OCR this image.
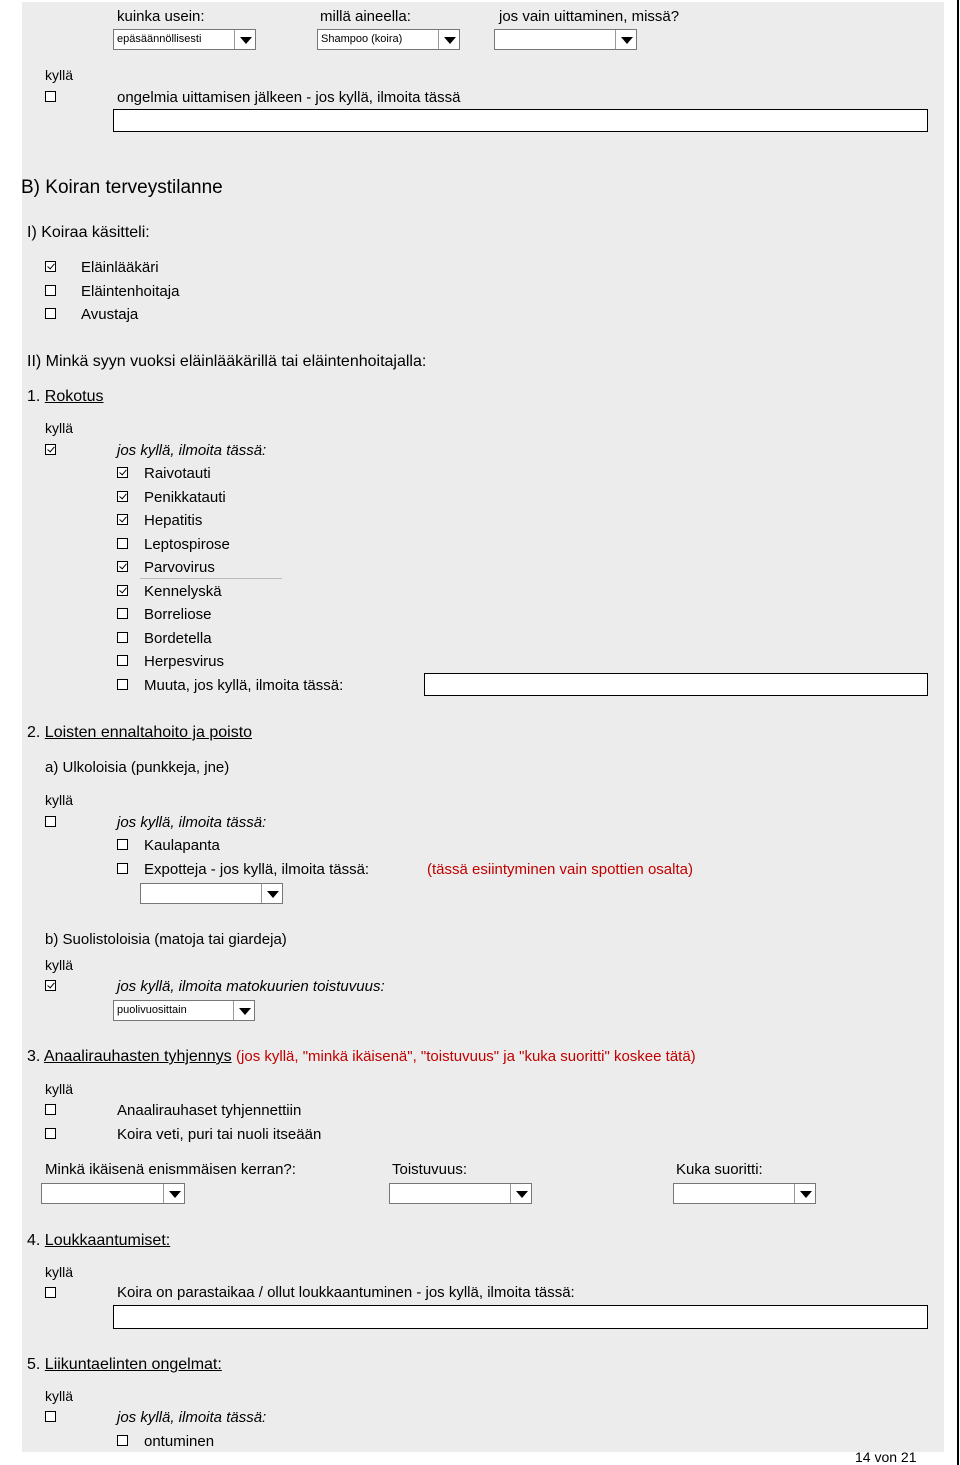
kuinka usein:	millä aineella:	jos vain uittaminen, missä?
epäsäännöllisesti	Shampoo (koira)
kyllä
ongelmia uittamisen jälkeen - jos kyllä, ilmoita tässä
B) Koiran terveystilanne
I) Koiraa käsitteli:
Eläinlääkäri
Eläintenhoitaja
Avustaja
II) Minkä syyn vuoksi eläinlääkärillä tai eläintenhoitajalla:
1. Rokotus
kyllä
jos kyllä, ilmoita tässä:
Raivotauti
Penikkatauti
Hepatitis
Leptospirose
Parvovirus
Kennelyskä
Borreliose
Bordetella
Herpesvirus
Muuta, jos kyllä, ilmoita tässä:
2. Loisten ennaltahoito ja poisto
a) Ulkoloisia (punkkeja, jne)
kyllä
jos kyllä, ilmoita tässä:
Kaulapanta
Expotteja - jos kyllä, ilmoita tässä:	(tässä esiintyminen vain spottien osalta)
b) Suolistoloisia (matoja tai giardeja)
kyllä
jos kyllä, ilmoita matokuurien toistuvuus:
puolivuosittain
3. Anaalirauhasten tyhjennys (jos kyllä, "minkä ikäisenä", "toistuvuus" ja "kuka suoritti" koskee tätä)
kyllä
Anaalirauhaset tyhjennettiin
Koira veti, puri tai nuoli itseään
Minkä ikäisenä enismmäisen kerran?:	Toistuvuus:	Kuka suoritti:
4. Loukkaantumiset:
kyllä
Koira on parastaikaa / ollut loukkaantuminen - jos kyllä, ilmoita tässä:
5. Liikuntaelinten ongelmat:
kyllä
jos kyllä, ilmoita tässä:
ontuminen
14 von 21
